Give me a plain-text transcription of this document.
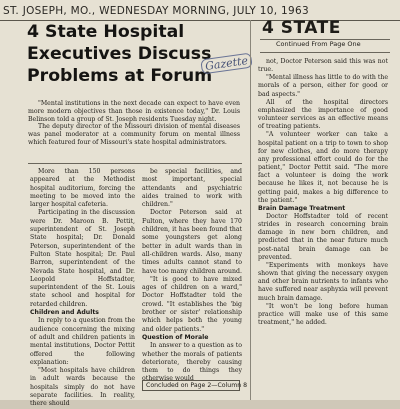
ST. JOSEPH, MO., WEDNESDAY MORNING, JULY 10, 1963
4 State Hospital Executives Discuss Problems at Forum
Gazette

"Mental institutions in the next decade can expect to have even more modern objectives than those in existence today," Dr. Louis Belinson told a group of St. Joseph residents Tuesday night.

The deputy director of the Missouri division of mental diseases was panel moderator at a community forum on mental illness which featured four of Missouri's state hospital administrators.

More than 150 persons appeared at the Methodist hospital auditorium, forcing the meeting to be moved into the larger hospital cafeteria.

Participating in the discussion were Dr. Maroon B. Pettit, superintendent of St. Joseph State hospital; Dr. Donald Peterson, superintendent of the Fulton State hospital; Dr. Paul Barron, superintendent of the Nevada State hospital, and Dr. Leopold Hoffstadter, superintendent of the St. Louis state school and hospital for retarded children.

Children and Adults

In reply to a question from the audience concerning the mixing of adult and children patients in mental institutions, Doctor Pettit offered the following explanation:

"Most hospitals have children in adult wards because the hospitals simply do not have separate facilities. In reality, there should

be special facilities, and most important, special attendants and psychiatric aides trained to work with children."

Doctor Peterson said at Fulton, where they have 170 children, it has been found that some youngsters get along better in adult wards than in all-children wards. Also, many times adults cannot stand to have too many children around.

"It is good to have mixed ages of children on a ward," Doctor Hoffstadter told the crowd. "It establishes the 'big brother or sister' relationship which helps both the young and older patients."

Question of Morale

In answer to a question as to whether the morals of patients deteriorate, thereby causing them to do things they otherwise would

Concluded on Page 2—Column 8
4 STATE
Continued From Page One

not, Doctor Peterson said this was not true.

"Mental illness has little to do with the morals of a person, either for good or bad aspects."

All of the hospital directors emphasized the importance of good volunteer services as an effective means of treating patients.

"A volunteer worker can take a hospital patient on a trip to town to shop for new clothes, and do more therapy any professional effort could do for the patient," Doctor Pettit said. "The more fact a volunteer is doing the work because he likes it, not because he is getting paid, makes a big difference to the patient."

Brain Damage Treatment

Doctor Hoffstadter told of recent strides in research concerning brain damage in new born children, and predicted that in the near future much post-natal brain damage can be prevented.

"Experiments with monkeys have shown that giving the necessary oxygen and other brain nutrients to infants who have suffered near asphyxia will prevent much brain damage.

"It won't be long before human practice will make use of this same treatment," he added.
